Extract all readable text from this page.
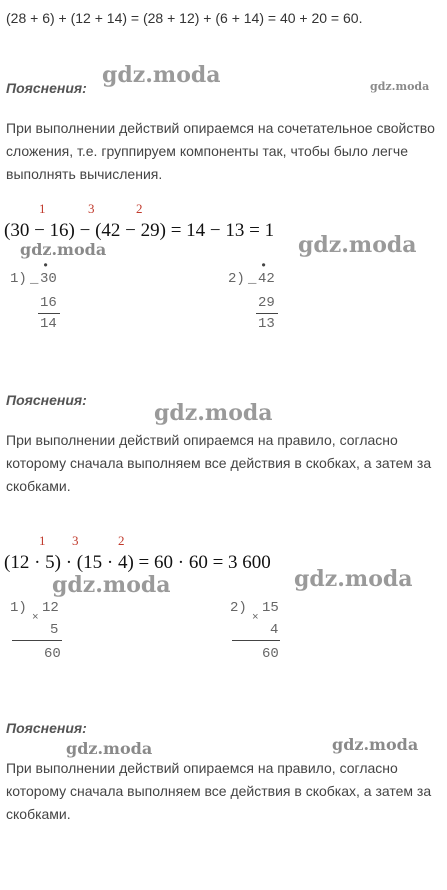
(28 + 6) + (12 + 14) = (28 + 12) + (6 + 14) = 40 + 20 = 60.
Пояснения: gdz.moda	gdz.moda
При выполнении действий опираемся на сочетательное свойство сложения, т.е. группируем компоненты так, чтобы было легче выполнять вычисления.
1	3	2
(30 − 16) − (42 − 29) = 14 − 13 = 1
gdz.moda	gdz.moda
•
1) _ 30
16
14
•
2) _ 42
29
13
Пояснения:	gdz.moda
При выполнении действий опираемся на правило, согласно которому сначала выполняем все действия в скобках, а затем за скобками.
1 3	2
(12 · 5) · (15 · 4) = 60 · 60 = 3 600
gdz.moda	gdz.moda
1) 12
×
5
60
2) 15
×
4
60
Пояснения:
gdz.moda	gdz.moda
При выполнении действий опираемся на правило, согласно которому сначала выполняем все действия в скобках, а затем за скобками.
